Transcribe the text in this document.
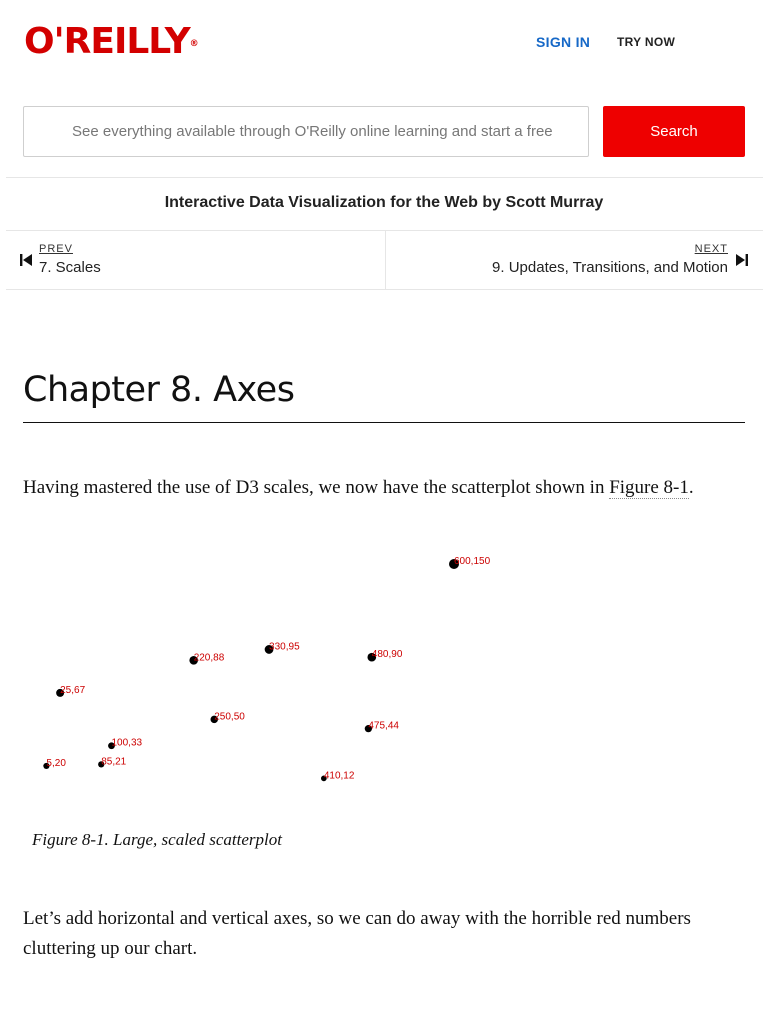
O'REILLY®	SIGN IN TRY NOW
See everything available through O'Reilly online learning and start a free
Search
Interactive Data Visualization for the Web by Scott Murray
PREV
7. Scales
NEXT
9. Updates, Transitions, and Motion
Chapter 8. Axes

Having mastered the use of D3 scales, we now have the scatterplot shown in Figure 8-1.

5,20
480,90
250,50
100,33
330,95
410,12
475,44
25,67
85,21
220,88
600,150
Figure 8-1. Large, scaled scatterplot

Let’s add horizontal and vertical axes, so we can do away with the horrible red numbers cluttering up our chart.
